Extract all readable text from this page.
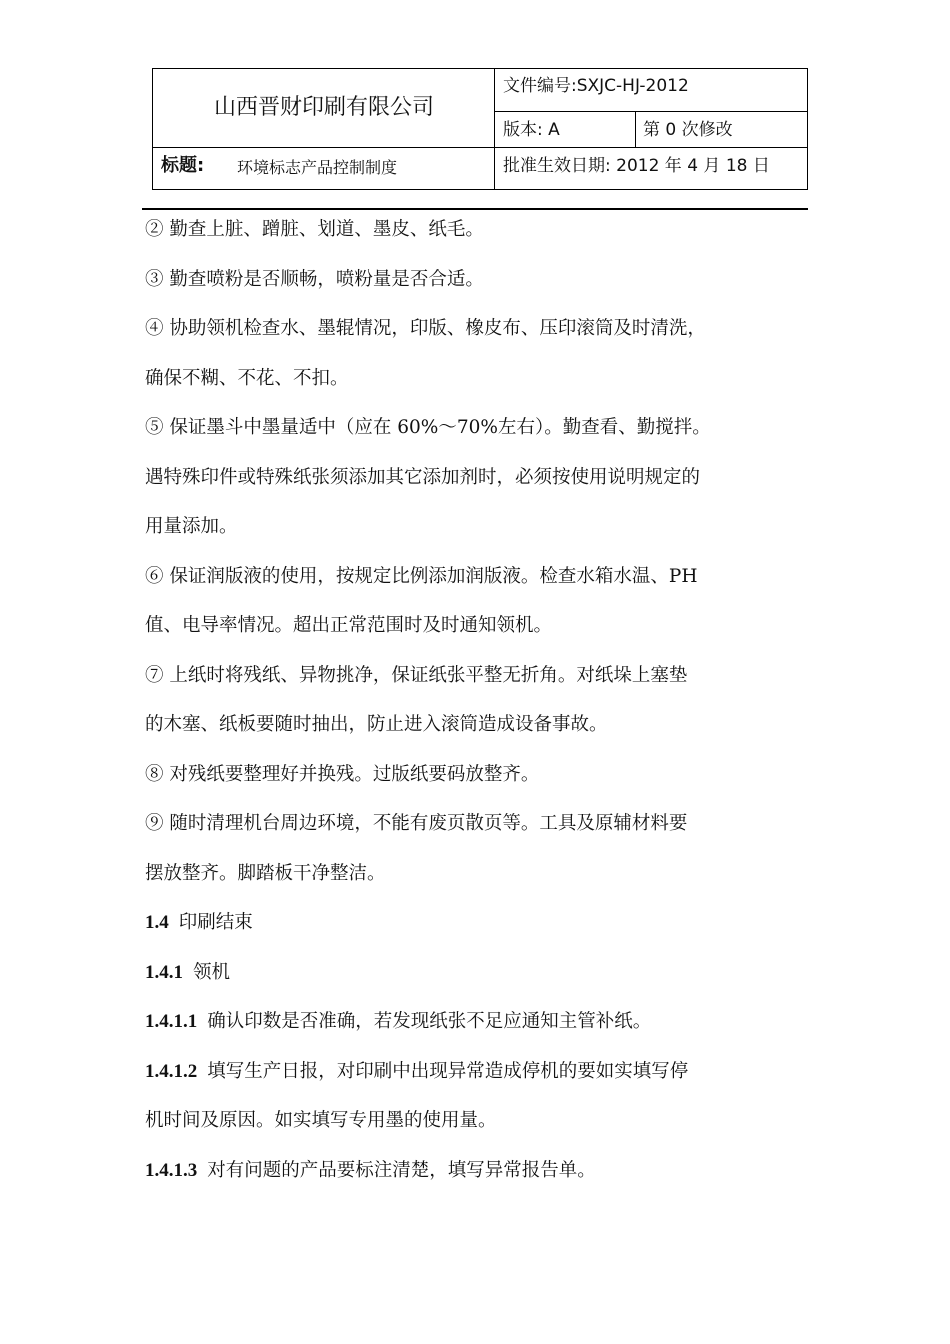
山西晋财印刷有限公司
文件编号:SXJC-HJ-2012
版本: A	第 0 次修改
标题: 环境标志产品控制制度	批准生效日期: 2012 年 4 月 18 日
② 勤查上脏、蹭脏、划道、墨皮、纸毛。
③ 勤查喷粉是否顺畅，喷粉量是否合适。
④ 协助领机检查水、墨辊情况，印版、橡皮布、压印滚筒及时清洗，
确保不糊、不花、不扣。
⑤ 保证墨斗中墨量适中（应在 60%～70%左右）。勤查看、勤搅拌。
遇特殊印件或特殊纸张须添加其它添加剂时，必须按使用说明规定的
用量添加。
⑥ 保证润版液的使用，按规定比例添加润版液。检查水箱水温、PH
值、电导率情况。超出正常范围时及时通知领机。
⑦ 上纸时将残纸、异物挑净，保证纸张平整无折角。对纸垛上塞垫
的木塞、纸板要随时抽出，防止进入滚筒造成设备事故。
⑧ 对残纸要整理好并换残。过版纸要码放整齐。
⑨ 随时清理机台周边环境，不能有废页散页等。工具及原辅材料要
摆放整齐。脚踏板干净整洁。
1.4 印刷结束
1.4.1 领机
1.4.1.1 确认印数是否准确，若发现纸张不足应通知主管补纸。
1.4.1.2 填写生产日报，对印刷中出现异常造成停机的要如实填写停
机时间及原因。如实填写专用墨的使用量。
1.4.1.3 对有问题的产品要标注清楚，填写异常报告单。
